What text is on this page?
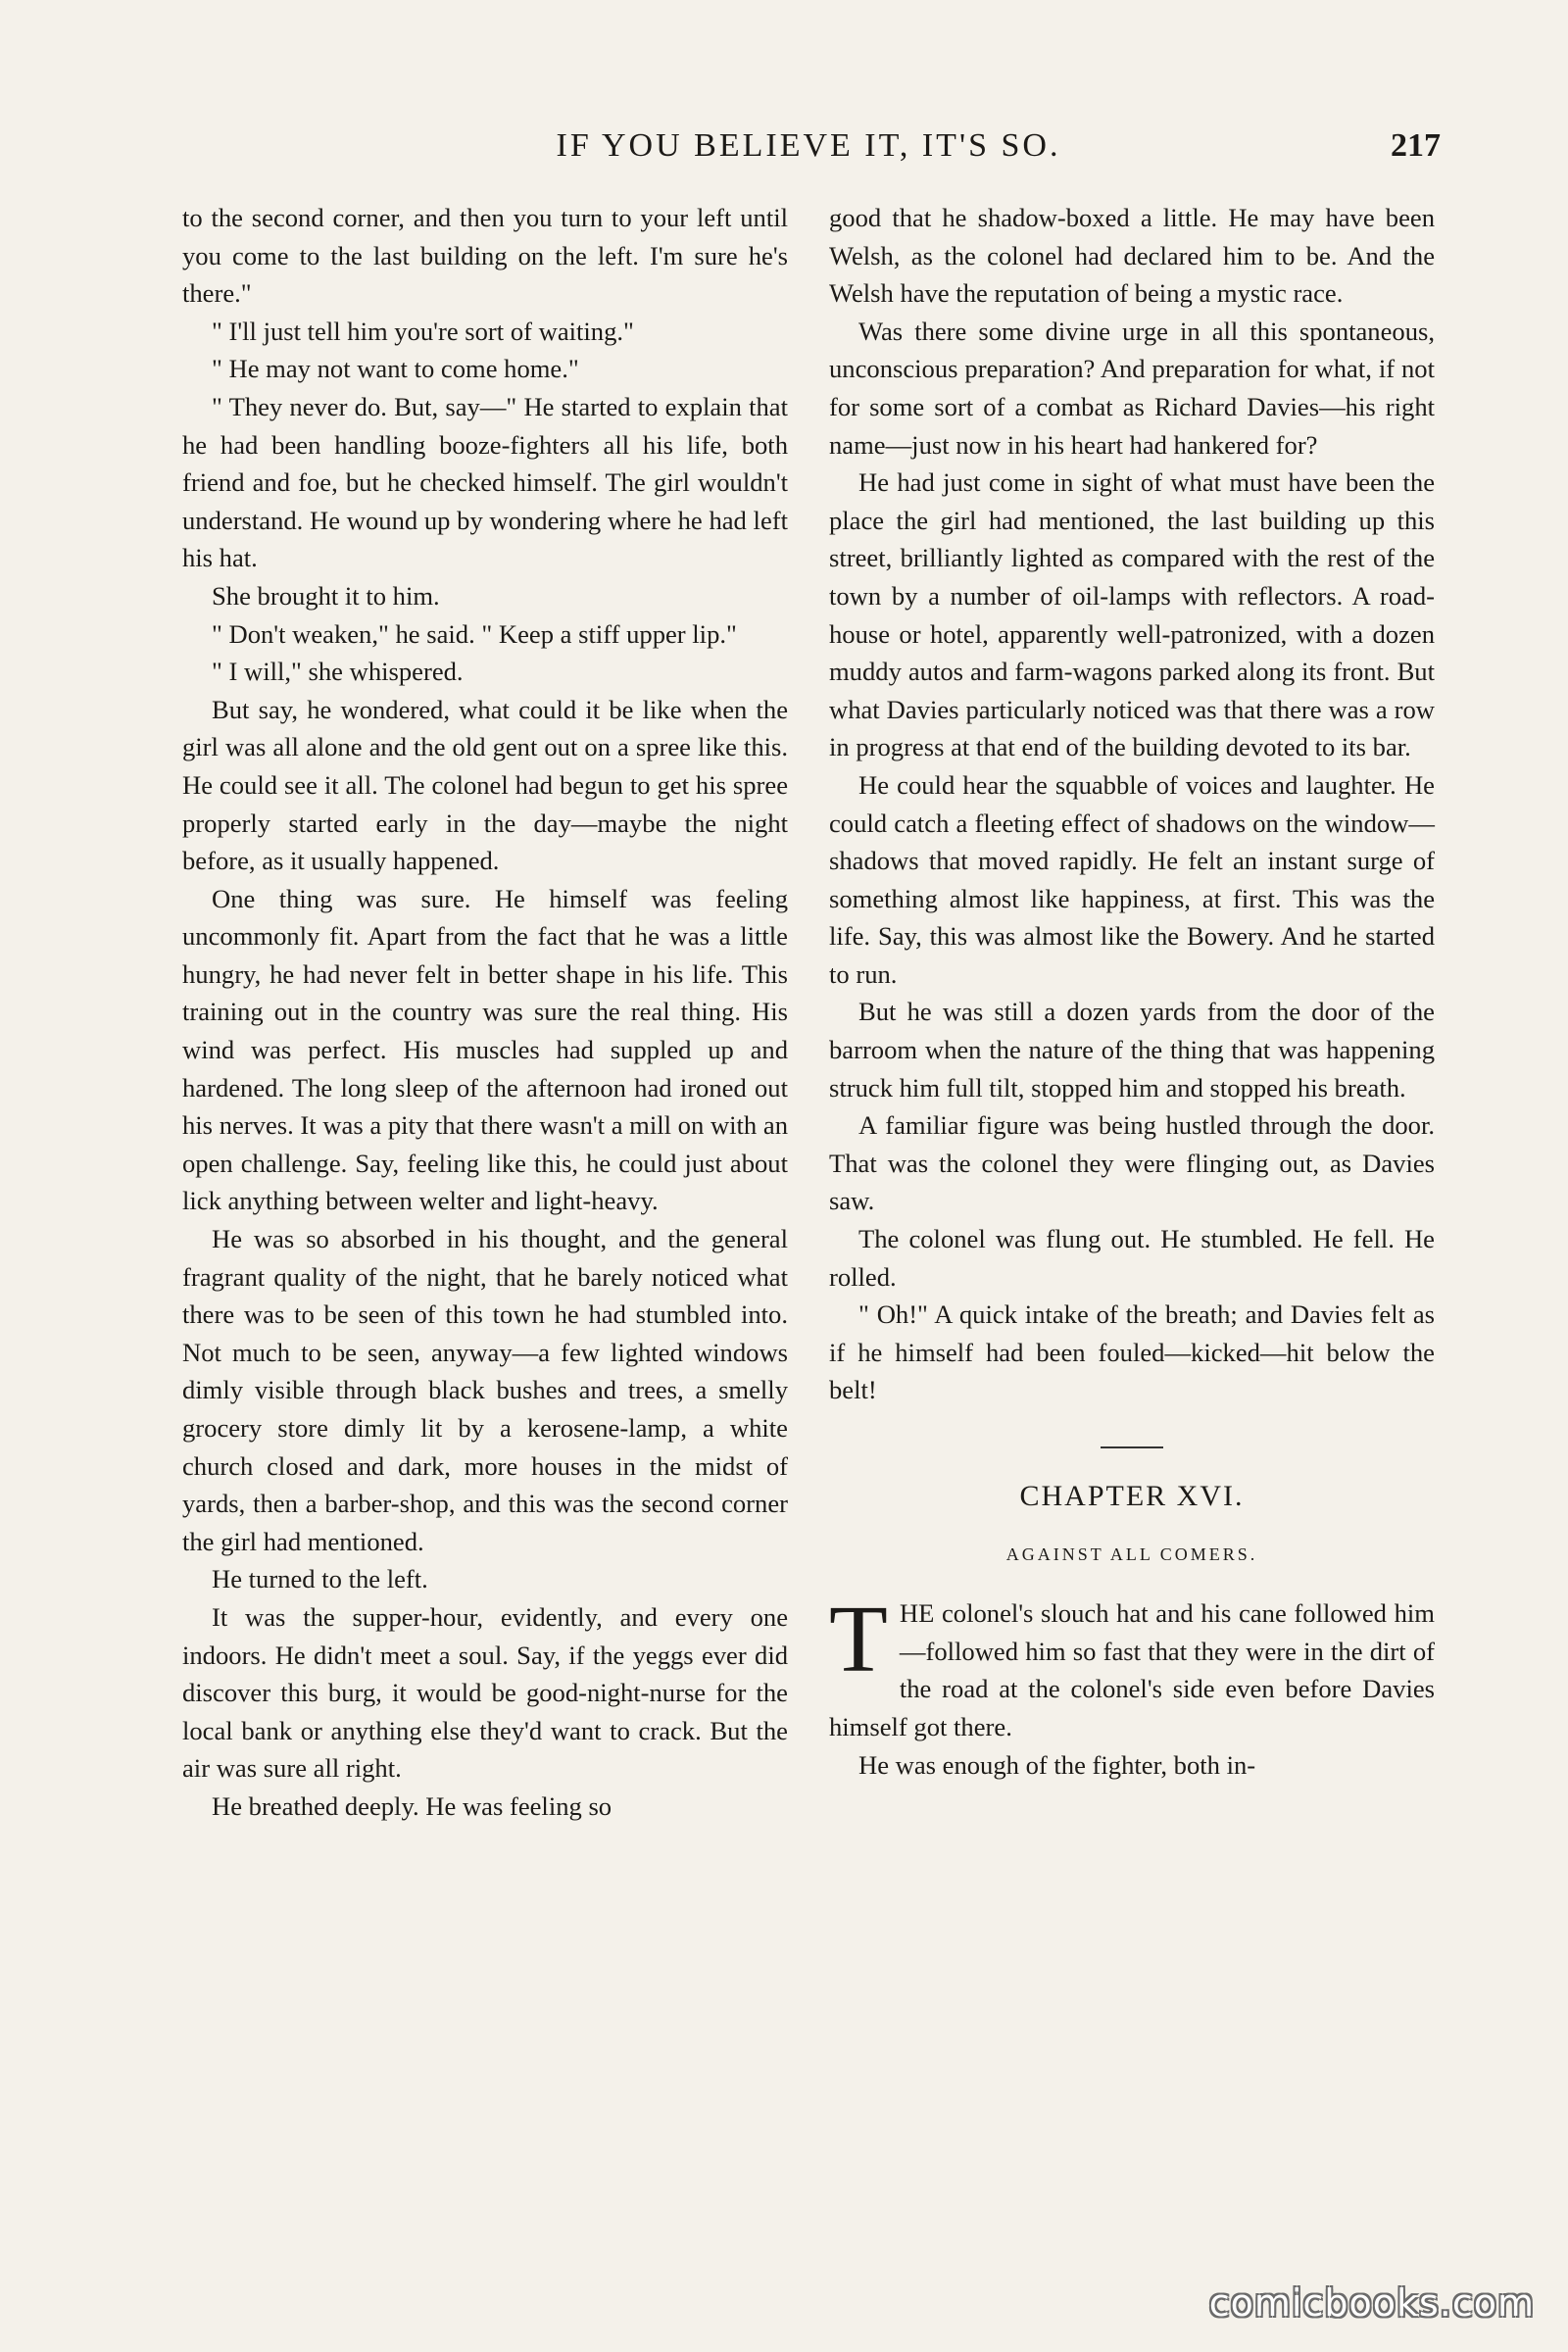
IF YOU BELIEVE IT, IT'S SO.	217

to the second corner, and then you turn to your left until you come to the last building on the left. I'm sure he's there."

" I'll just tell him you're sort of waiting."

" He may not want to come home."

" They never do. But, say—" He started to explain that he had been handling booze-fighters all his life, both friend and foe, but he checked himself. The girl wouldn't understand. He wound up by wondering where he had left his hat.

She brought it to him.

" Don't weaken," he said. " Keep a stiff upper lip."

" I will," she whispered.

But say, he wondered, what could it be like when the girl was all alone and the old gent out on a spree like this. He could see it all. The colonel had begun to get his spree properly started early in the day—maybe the night before, as it usually happened.

One thing was sure. He himself was feeling uncommonly fit. Apart from the fact that he was a little hungry, he had never felt in better shape in his life. This training out in the country was sure the real thing. His wind was perfect. His muscles had suppled up and hardened. The long sleep of the afternoon had ironed out his nerves. It was a pity that there wasn't a mill on with an open challenge. Say, feeling like this, he could just about lick anything between welter and light-heavy.

He was so absorbed in his thought, and the general fragrant quality of the night, that he barely noticed what there was to be seen of this town he had stumbled into. Not much to be seen, anyway—a few lighted windows dimly visible through black bushes and trees, a smelly grocery store dimly lit by a kerosene-lamp, a white church closed and dark, more houses in the midst of yards, then a barber-shop, and this was the second corner the girl had mentioned.

He turned to the left.

It was the supper-hour, evidently, and every one indoors. He didn't meet a soul. Say, if the yeggs ever did discover this burg, it would be good-night-nurse for the local bank or anything else they'd want to crack. But the air was sure all right.

He breathed deeply. He was feeling so

good that he shadow-boxed a little. He may have been Welsh, as the colonel had declared him to be. And the Welsh have the reputation of being a mystic race.

Was there some divine urge in all this spontaneous, unconscious preparation? And preparation for what, if not for some sort of a combat as Richard Davies—his right name—just now in his heart had hankered for?

He had just come in sight of what must have been the place the girl had mentioned, the last building up this street, brilliantly lighted as compared with the rest of the town by a number of oil-lamps with reflectors. A road-house or hotel, apparently well-patronized, with a dozen muddy autos and farm-wagons parked along its front. But what Davies particularly noticed was that there was a row in progress at that end of the building devoted to its bar.

He could hear the squabble of voices and laughter. He could catch a fleeting effect of shadows on the window—shadows that moved rapidly. He felt an instant surge of something almost like happiness, at first. This was the life. Say, this was almost like the Bowery. And he started to run.

But he was still a dozen yards from the door of the barroom when the nature of the thing that was happening struck him full tilt, stopped him and stopped his breath.

A familiar figure was being hustled through the door. That was the colonel they were flinging out, as Davies saw.

The colonel was flung out. He stumbled. He fell. He rolled.

" Oh!" A quick intake of the breath; and Davies felt as if he himself had been fouled—kicked—hit below the belt!

CHAPTER XVI.
AGAINST ALL COMERS.

THE colonel's slouch hat and his cane followed him—followed him so fast that they were in the dirt of the road at the colonel's side even before Davies himself got there.

He was enough of the fighter, both in-

comicbooks.com
